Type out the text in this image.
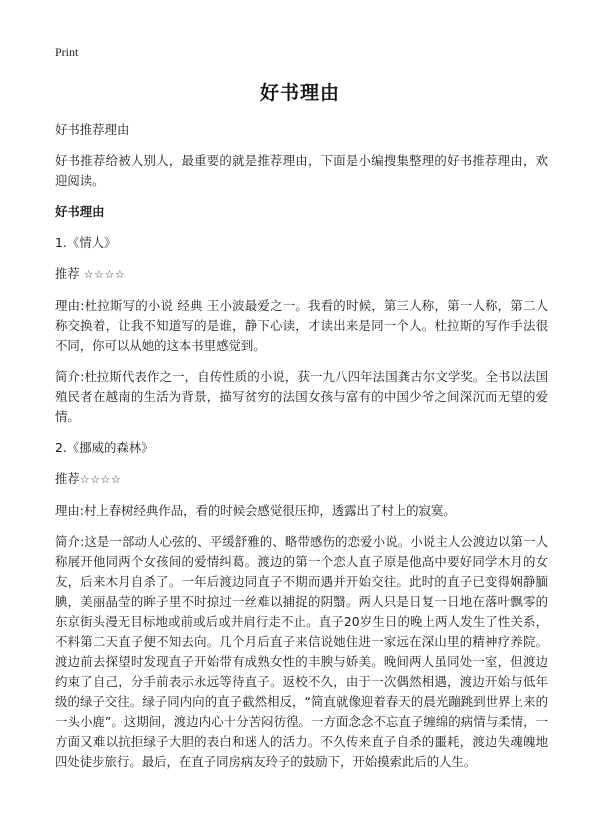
Print
好书理由

好书推荐理由

好书推荐给被人别人，最重要的就是推荐理由，下面是小编搜集整理的好书推荐理由，欢迎阅读。

好书理由

1.《情人》

推荐 ☆☆☆☆

理由:杜拉斯写的小说 经典 王小波最爱之一。我看的时候，第三人称，第一人称，第二人称交换着，让我不知道写的是谁，静下心读，才读出来是同一个人。杜拉斯的写作手法很不同，你可以从她的这本书里感觉到。

简介:杜拉斯代表作之一，自传性质的小说，获一九八四年法国龚古尔文学奖。全书以法国殖民者在越南的生活为背景，描写贫穷的法国女孩与富有的中国少爷之间深沉而无望的爱情。

2.《挪威的森林》

推荐☆☆☆☆

理由:村上春树经典作品，看的时候会感觉很压抑，透露出了村上的寂寞。

简介:这是一部动人心弦的、平缓舒雅的、略带感伤的恋爱小说。小说主人公渡边以第一人称展开他同两个女孩间的爱情纠葛。渡边的第一个恋人直子原是他高中要好同学木月的女友，后来木月自杀了。一年后渡边同直子不期而遇并开始交往。此时的直子已变得娴静腼腆，美丽晶莹的眸子里不时掠过一丝难以捕捉的阴翳。两人只是日复一日地在落叶飘零的东京街头漫无目标地或前或后或并肩行走不止。直子20岁生日的晚上两人发生了性关系，不料第二天直子便不知去向。几个月后直子来信说她住进一家远在深山里的精神疗养院。渡边前去探望时发现直子开始带有成熟女性的丰腴与娇美。晚间两人虽同处一室，但渡边约束了自己，分手前表示永远等待直子。返校不久，由于一次偶然相遇，渡边开始与低年级的绿子交往。绿子同内向的直子截然相反，“简直就像迎着春天的晨光蹦跳到世界上来的一头小鹿”。这期间，渡边内心十分苦闷彷徨。一方面念念不忘直子缠绵的病情与柔情，一方面又难以抗拒绿子大胆的表白和迷人的活力。不久传来直子自杀的噩耗，渡边失魂魄地四处徒步旅行。最后，在直子同房病友玲子的鼓励下，开始摸索此后的人生。
